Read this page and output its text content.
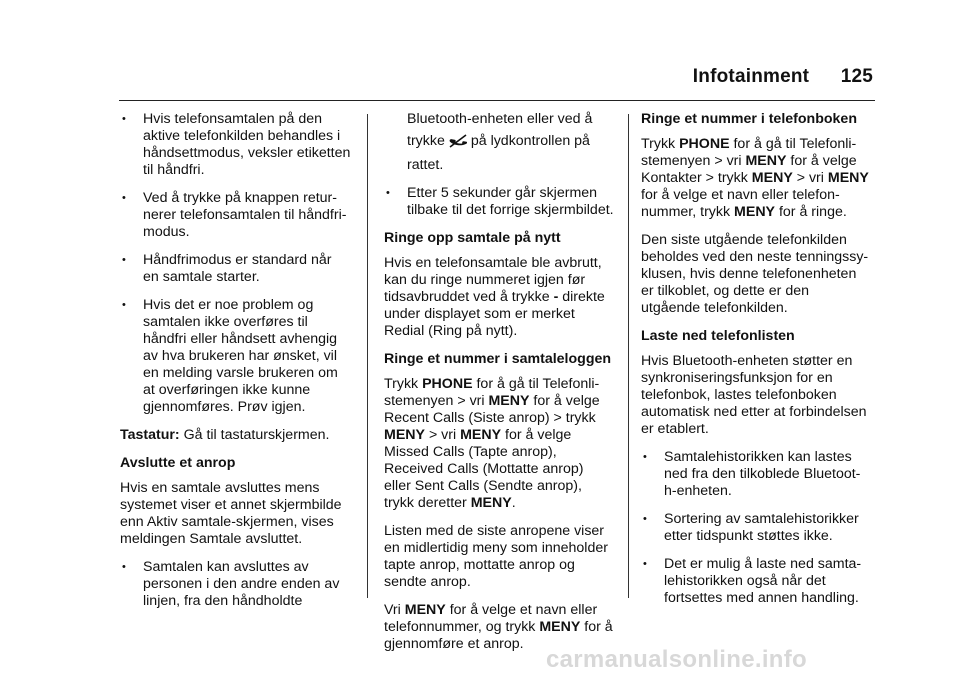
Infotainment 125
• Hvis telefonsamtalen på den
aktive telefonkilden behandles i
håndsettmodus, veksler etiketten
til håndfri.
• Ved å trykke på knappen retur-
nerer telefonsamtalen til håndfri-
modus.
• Håndfrimodus er standard når
en samtale starter.
• Hvis det er noe problem og
samtalen ikke overføres til
håndfri eller håndsett avhengig
av hva brukeren har ønsket, vil
en melding varsle brukeren om
at overføringen ikke kunne
gjennomføres. Prøv igjen.
Tastatur: Gå til tastaturskjermen.
Avslutte et anrop
Hvis en samtale avsluttes mens
systemet viser et annet skjermbilde
enn Aktiv samtale-skjermen, vises
meldingen Samtale avsluttet.
• Samtalen kan avsluttes av
personen i den andre enden av
linjen, fra den håndholdte
Bluetooth-enheten eller ved å
trykke på lydkontrollen på
rattet.
• Etter 5 sekunder går skjermen
tilbake til det forrige skjermbildet.
Ringe opp samtale på nytt
Hvis en telefonsamtale ble avbrutt,
kan du ringe nummeret igjen før
tidsavbruddet ved å trykke - direkte
under displayet som er merket
Redial (Ring på nytt).
Ringe et nummer i samtaleloggen
Trykk PHONE for å gå til Telefonli-
stemenyen > vri MENY for å velge
Recent Calls (Siste anrop) > trykk
MENY > vri MENY for å velge
Missed Calls (Tapte anrop),
Received Calls (Mottatte anrop)
eller Sent Calls (Sendte anrop),
trykk deretter MENY.
Listen med de siste anropene viser
en midlertidig meny som inneholder
tapte anrop, mottatte anrop og
sendte anrop.
Vri MENY for å velge et navn eller
telefonnummer, og trykk MENY for å
gjennomføre et anrop.
Ringe et nummer i telefonboken
Trykk PHONE for å gå til Telefonli-
stemenyen > vri MENY for å velge
Kontakter > trykk MENY > vri MENY
for å velge et navn eller telefon-
nummer, trykk MENY for å ringe.
Den siste utgående telefonkilden
beholdes ved den neste tenningssy-
klusen, hvis denne telefonenheten
er tilkoblet, og dette er den
utgående telefonkilden.
Laste ned telefonlisten
Hvis Bluetooth-enheten støtter en
synkroniseringsfunksjon for en
telefonbok, lastes telefonboken
automatisk ned etter at forbindelsen
er etablert.
• Samtalehistorikken kan lastes
ned fra den tilkoblede Bluetoot-
h-enheten.
• Sortering av samtalehistorikker
etter tidspunkt støttes ikke.
• Det er mulig å laste ned samta-
lehistorikken også når det
fortsettes med annen handling.
carmanualsonline.info
